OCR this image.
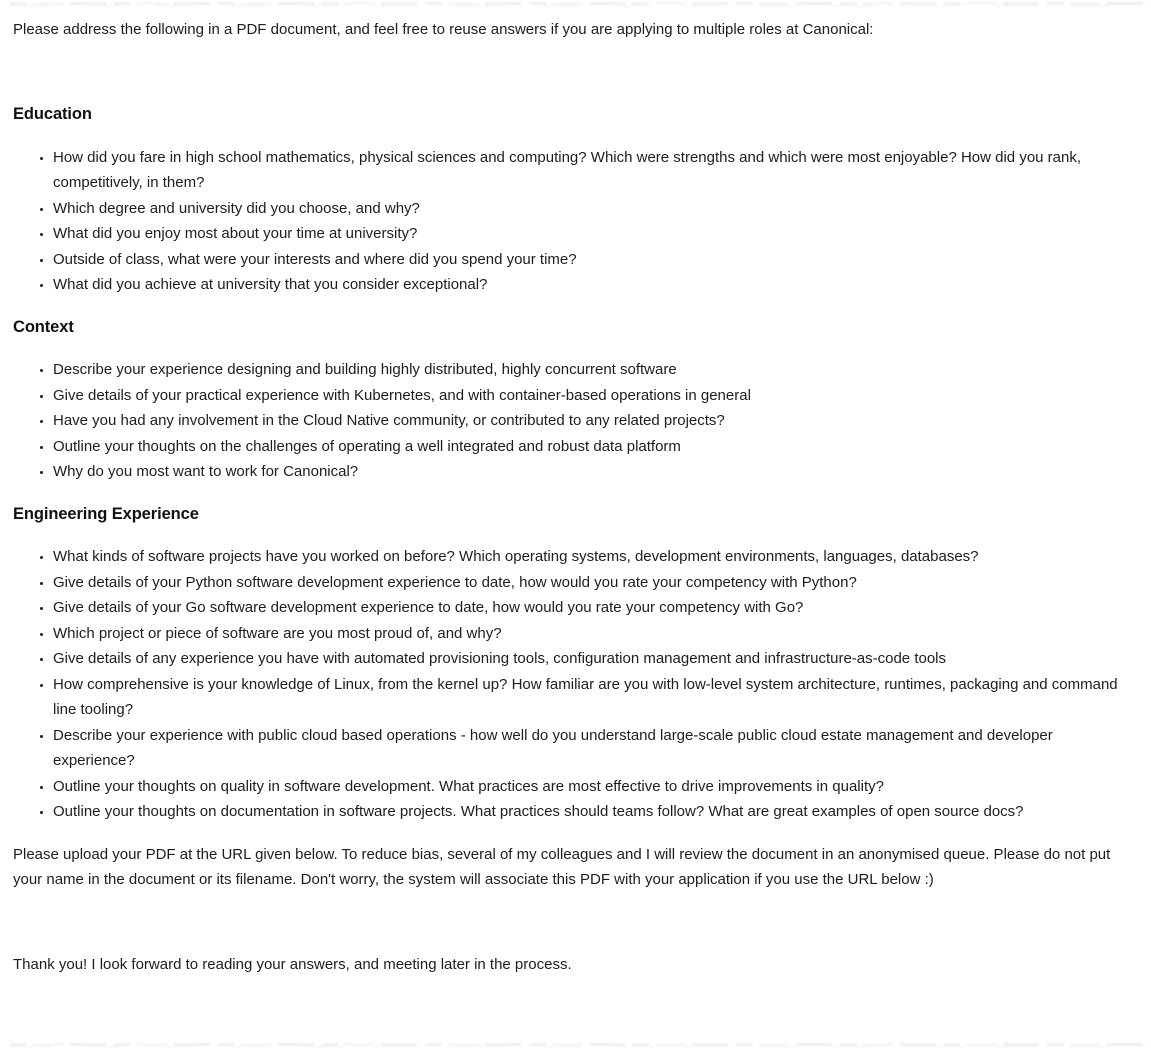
Please address the following in a PDF document, and feel free to reuse answers if you are applying to multiple roles at Canonical:

Education
• How did you fare in high school mathematics, physical sciences and computing? Which were strengths and which were most enjoyable? How did you rank, competitively, in them?
• Which degree and university did you choose, and why?
• What did you enjoy most about your time at university?
• Outside of class, what were your interests and where did you spend your time?
• What did you achieve at university that you consider exceptional?
Context
• Describe your experience designing and building highly distributed, highly concurrent software
• Give details of your practical experience with Kubernetes, and with container-based operations in general
• Have you had any involvement in the Cloud Native community, or contributed to any related projects?
• Outline your thoughts on the challenges of operating a well integrated and robust data platform
• Why do you most want to work for Canonical?
Engineering Experience
• What kinds of software projects have you worked on before? Which operating systems, development environments, languages, databases?
• Give details of your Python software development experience to date, how would you rate your competency with Python?
• Give details of your Go software development experience to date, how would you rate your competency with Go?
• Which project or piece of software are you most proud of, and why?
• Give details of any experience you have with automated provisioning tools, configuration management and infrastructure-as-code tools
• How comprehensive is your knowledge of Linux, from the kernel up? How familiar are you with low-level system architecture, runtimes, packaging and command line tooling?
• Describe your experience with public cloud based operations - how well do you understand large-scale public cloud estate management and developer experience?
• Outline your thoughts on quality in software development. What practices are most effective to drive improvements in quality?
• Outline your thoughts on documentation in software projects. What practices should teams follow? What are great examples of open source docs?

Please upload your PDF at the URL given below. To reduce bias, several of my colleagues and I will review the document in an anonymised queue. Please do not put your name in the document or its filename. Don't worry, the system will associate this PDF with your application if you use the URL below :)

Thank you! I look forward to reading your answers, and meeting later in the process.
